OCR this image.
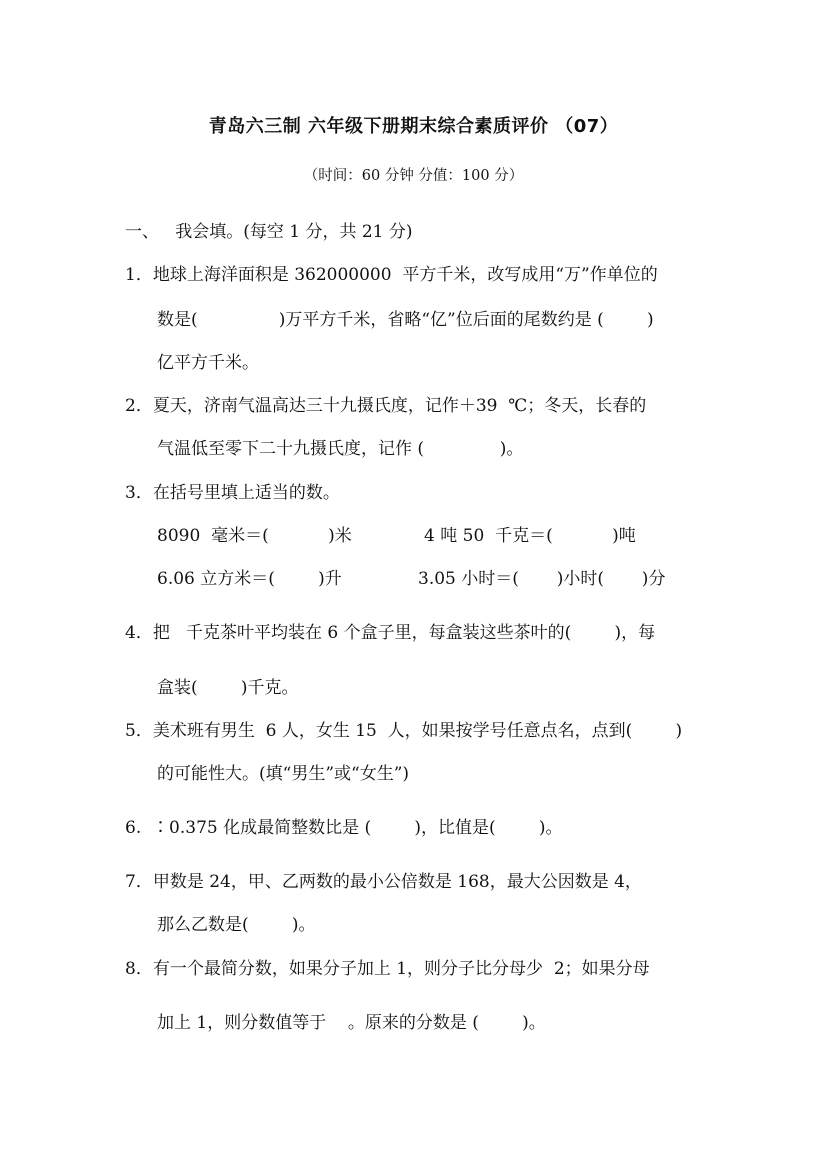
青岛六三制 六年级下册期末综合素质评价 （07）
（时间：60 分钟 分值：100 分）
一、   我会填。(每空 1 分，共 21 分)
1．地球上海洋面积是 362000000  平方千米，改写成用“万”作单位的
数是(               )万平方千米，省略“亿”位后面的尾数约是 (        )
亿平方千米。
2．夏天，济南气温高达三十九摄氏度，记作＋39  ℃；冬天，长春的
气温低至零下二十九摄氏度，记作 (              )。
3．在括号里填上适当的数。
8090  毫米＝(           )米	4 吨 50  千克＝(           )吨
6.06 立方米＝(        )升	3.05 小时＝(       )小时(       )分
4．把   千克茶叶平均装在 6 个盒子里，每盒装这些茶叶的(        )，每
盒装(        )千克。
5．美术班有男生  6 人，女生 15  人，如果按学号任意点名，点到(        )
的可能性大。(填“男生”或“女生”)
6.  ∶0.375 化成最简整数比是 (        )，比值是(        )。
7．甲数是 24，甲、乙两数的最小公倍数是 168，最大公因数是 4，
那么乙数是(        )。
8．有一个最简分数，如果分子加上 1，则分子比分母少  2；如果分母
加上 1，则分数值等于    。原来的分数是 (        )。
